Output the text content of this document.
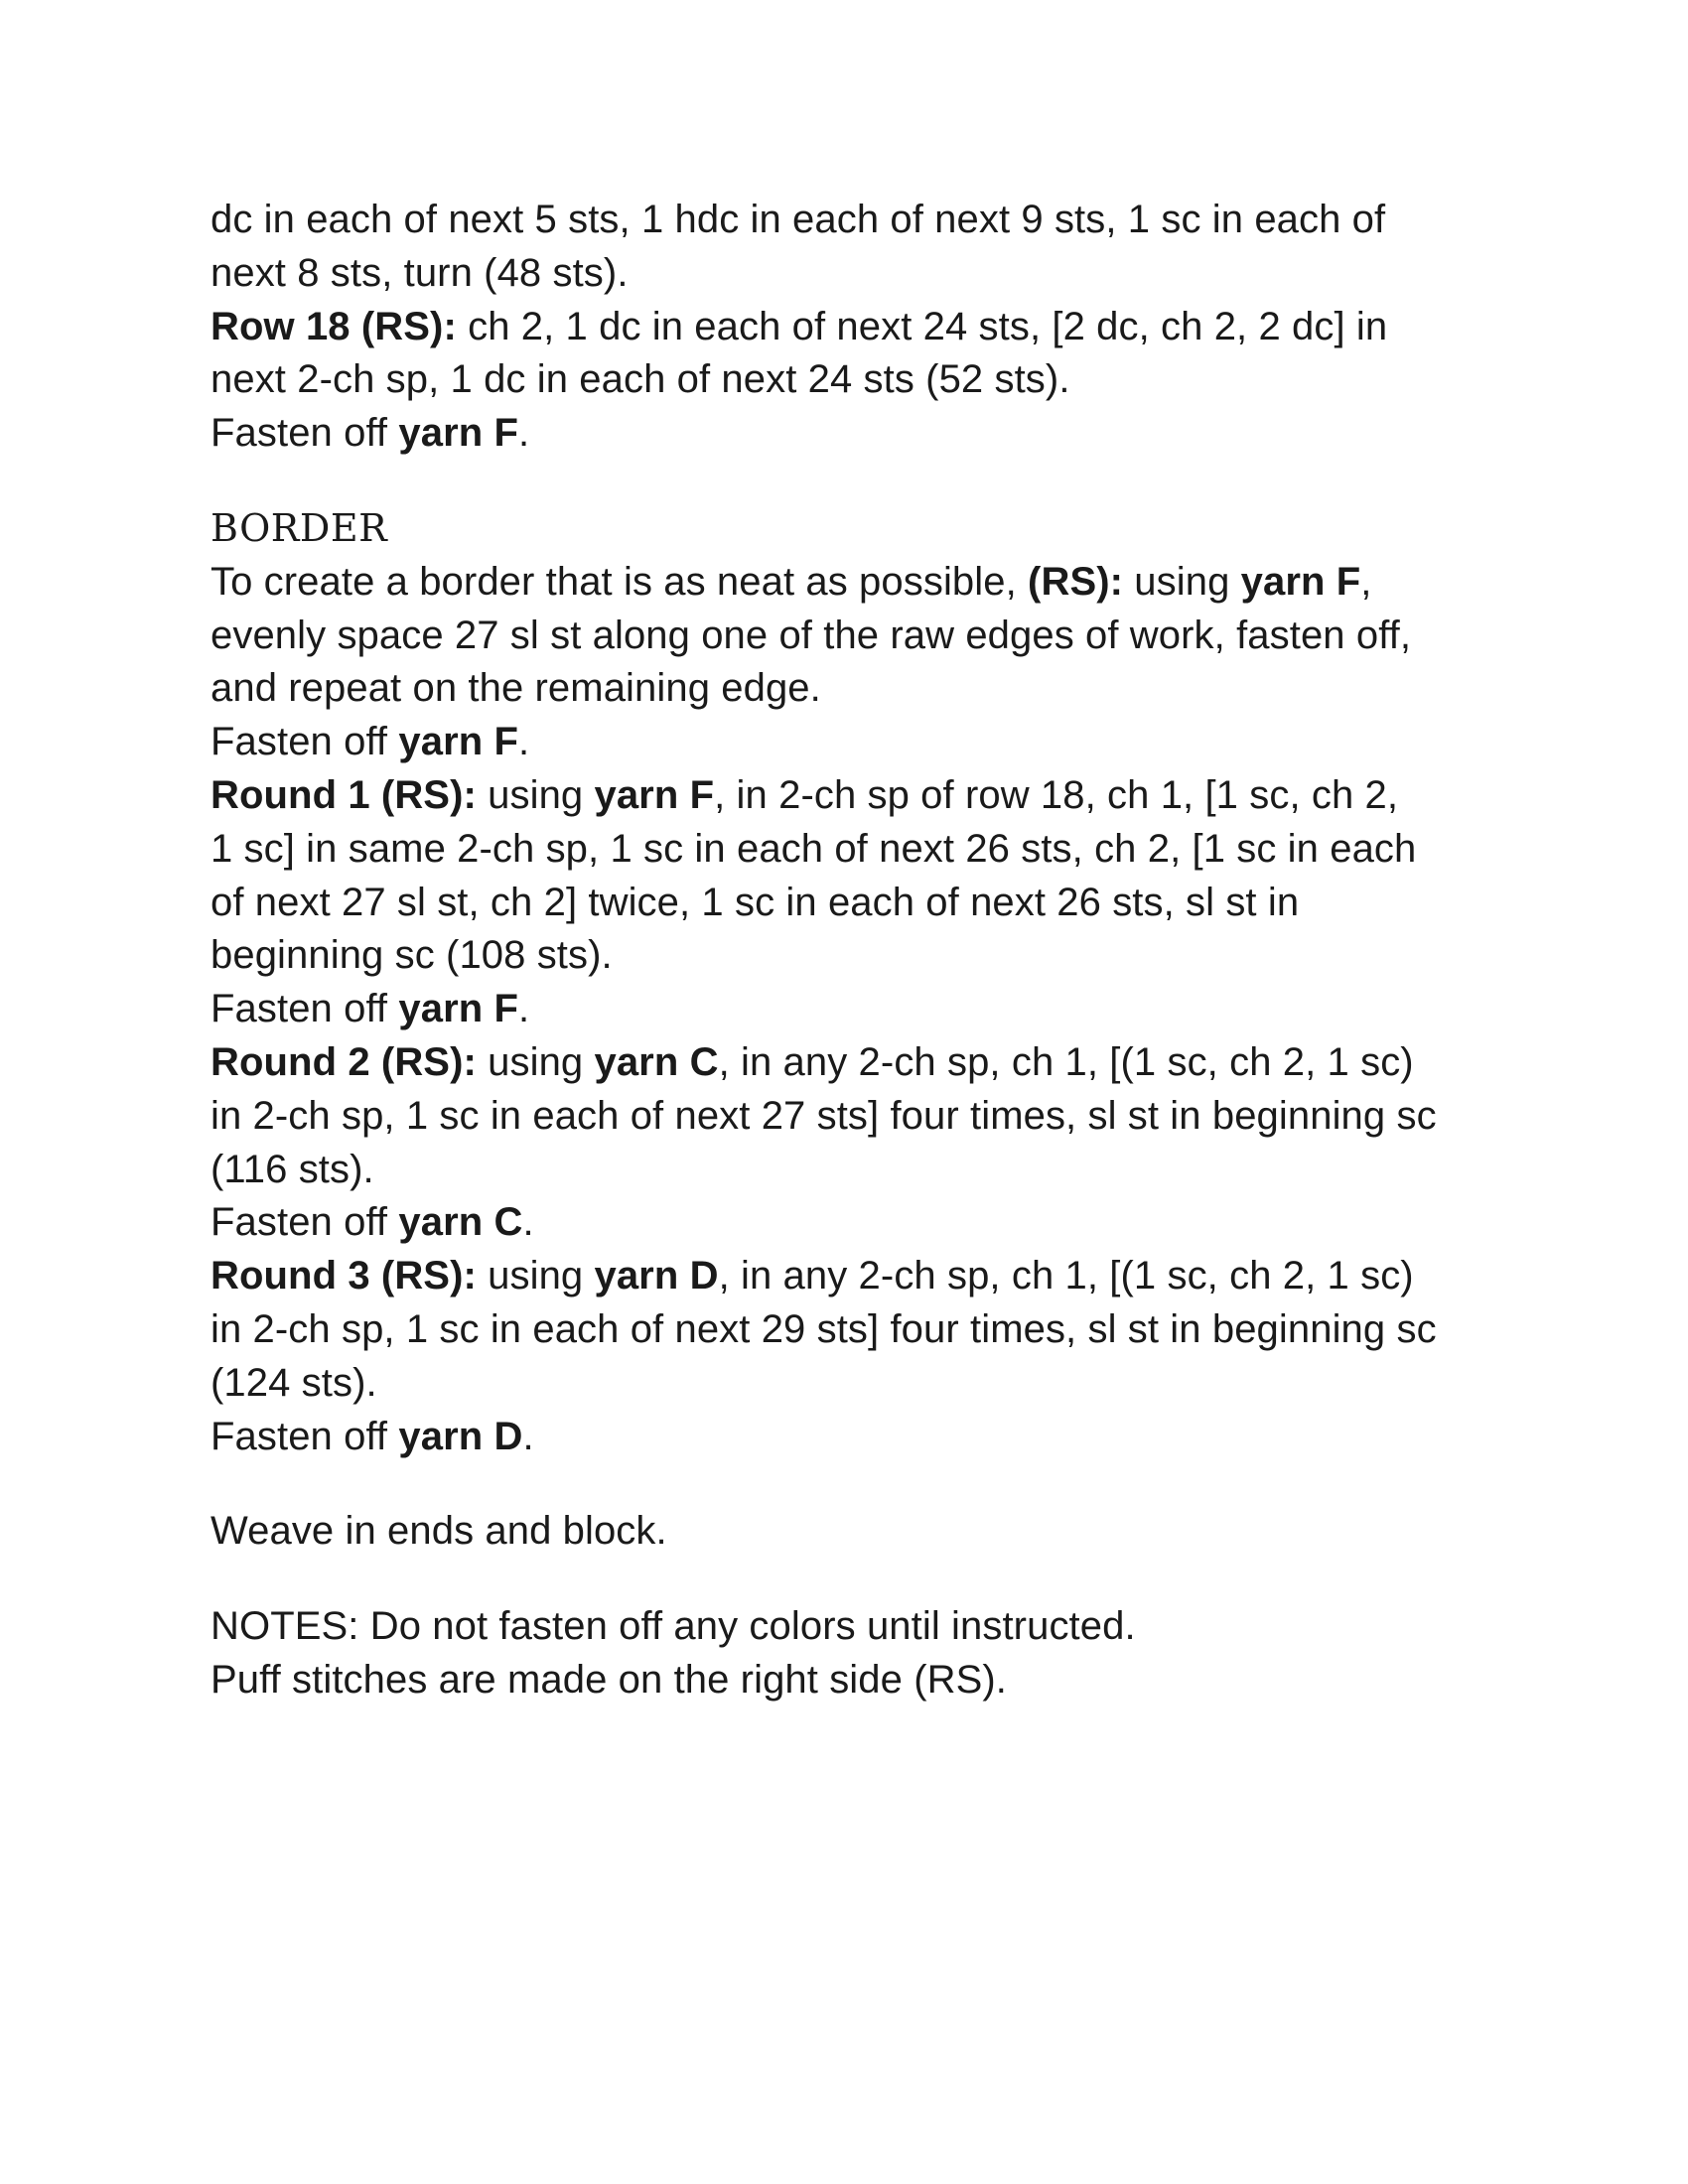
dc in each of next 5 sts, 1 hdc in each of next 9 sts, 1 sc in each of
next 8 sts, turn (48 sts).
Row 18 (RS): ch 2, 1 dc in each of next 24 sts, [2 dc, ch 2, 2 dc] in
next 2-ch sp, 1 dc in each of next 24 sts (52 sts).
Fasten off yarn F.
BORDER
To create a border that is as neat as possible, (RS): using yarn F,
evenly space 27 sl st along one of the raw edges of work, fasten off,
and repeat on the remaining edge.
Fasten off yarn F.
Round 1 (RS): using yarn F, in 2-ch sp of row 18, ch 1, [1 sc, ch 2,
1 sc] in same 2-ch sp, 1 sc in each of next 26 sts, ch 2, [1 sc in each
of next 27 sl st, ch 2] twice, 1 sc in each of next 26 sts, sl st in
beginning sc (108 sts).
Fasten off yarn F.
Round 2 (RS): using yarn C, in any 2-ch sp, ch 1, [(1 sc, ch 2, 1 sc)
in 2-ch sp, 1 sc in each of next 27 sts] four times, sl st in beginning sc
(116 sts).
Fasten off yarn C.
Round 3 (RS): using yarn D, in any 2-ch sp, ch 1, [(1 sc, ch 2, 1 sc)
in 2-ch sp, 1 sc in each of next 29 sts] four times, sl st in beginning sc
(124 sts).
Fasten off yarn D.
Weave in ends and block.
NOTES: Do not fasten off any colors until instructed.
Puff stitches are made on the right side (RS).
